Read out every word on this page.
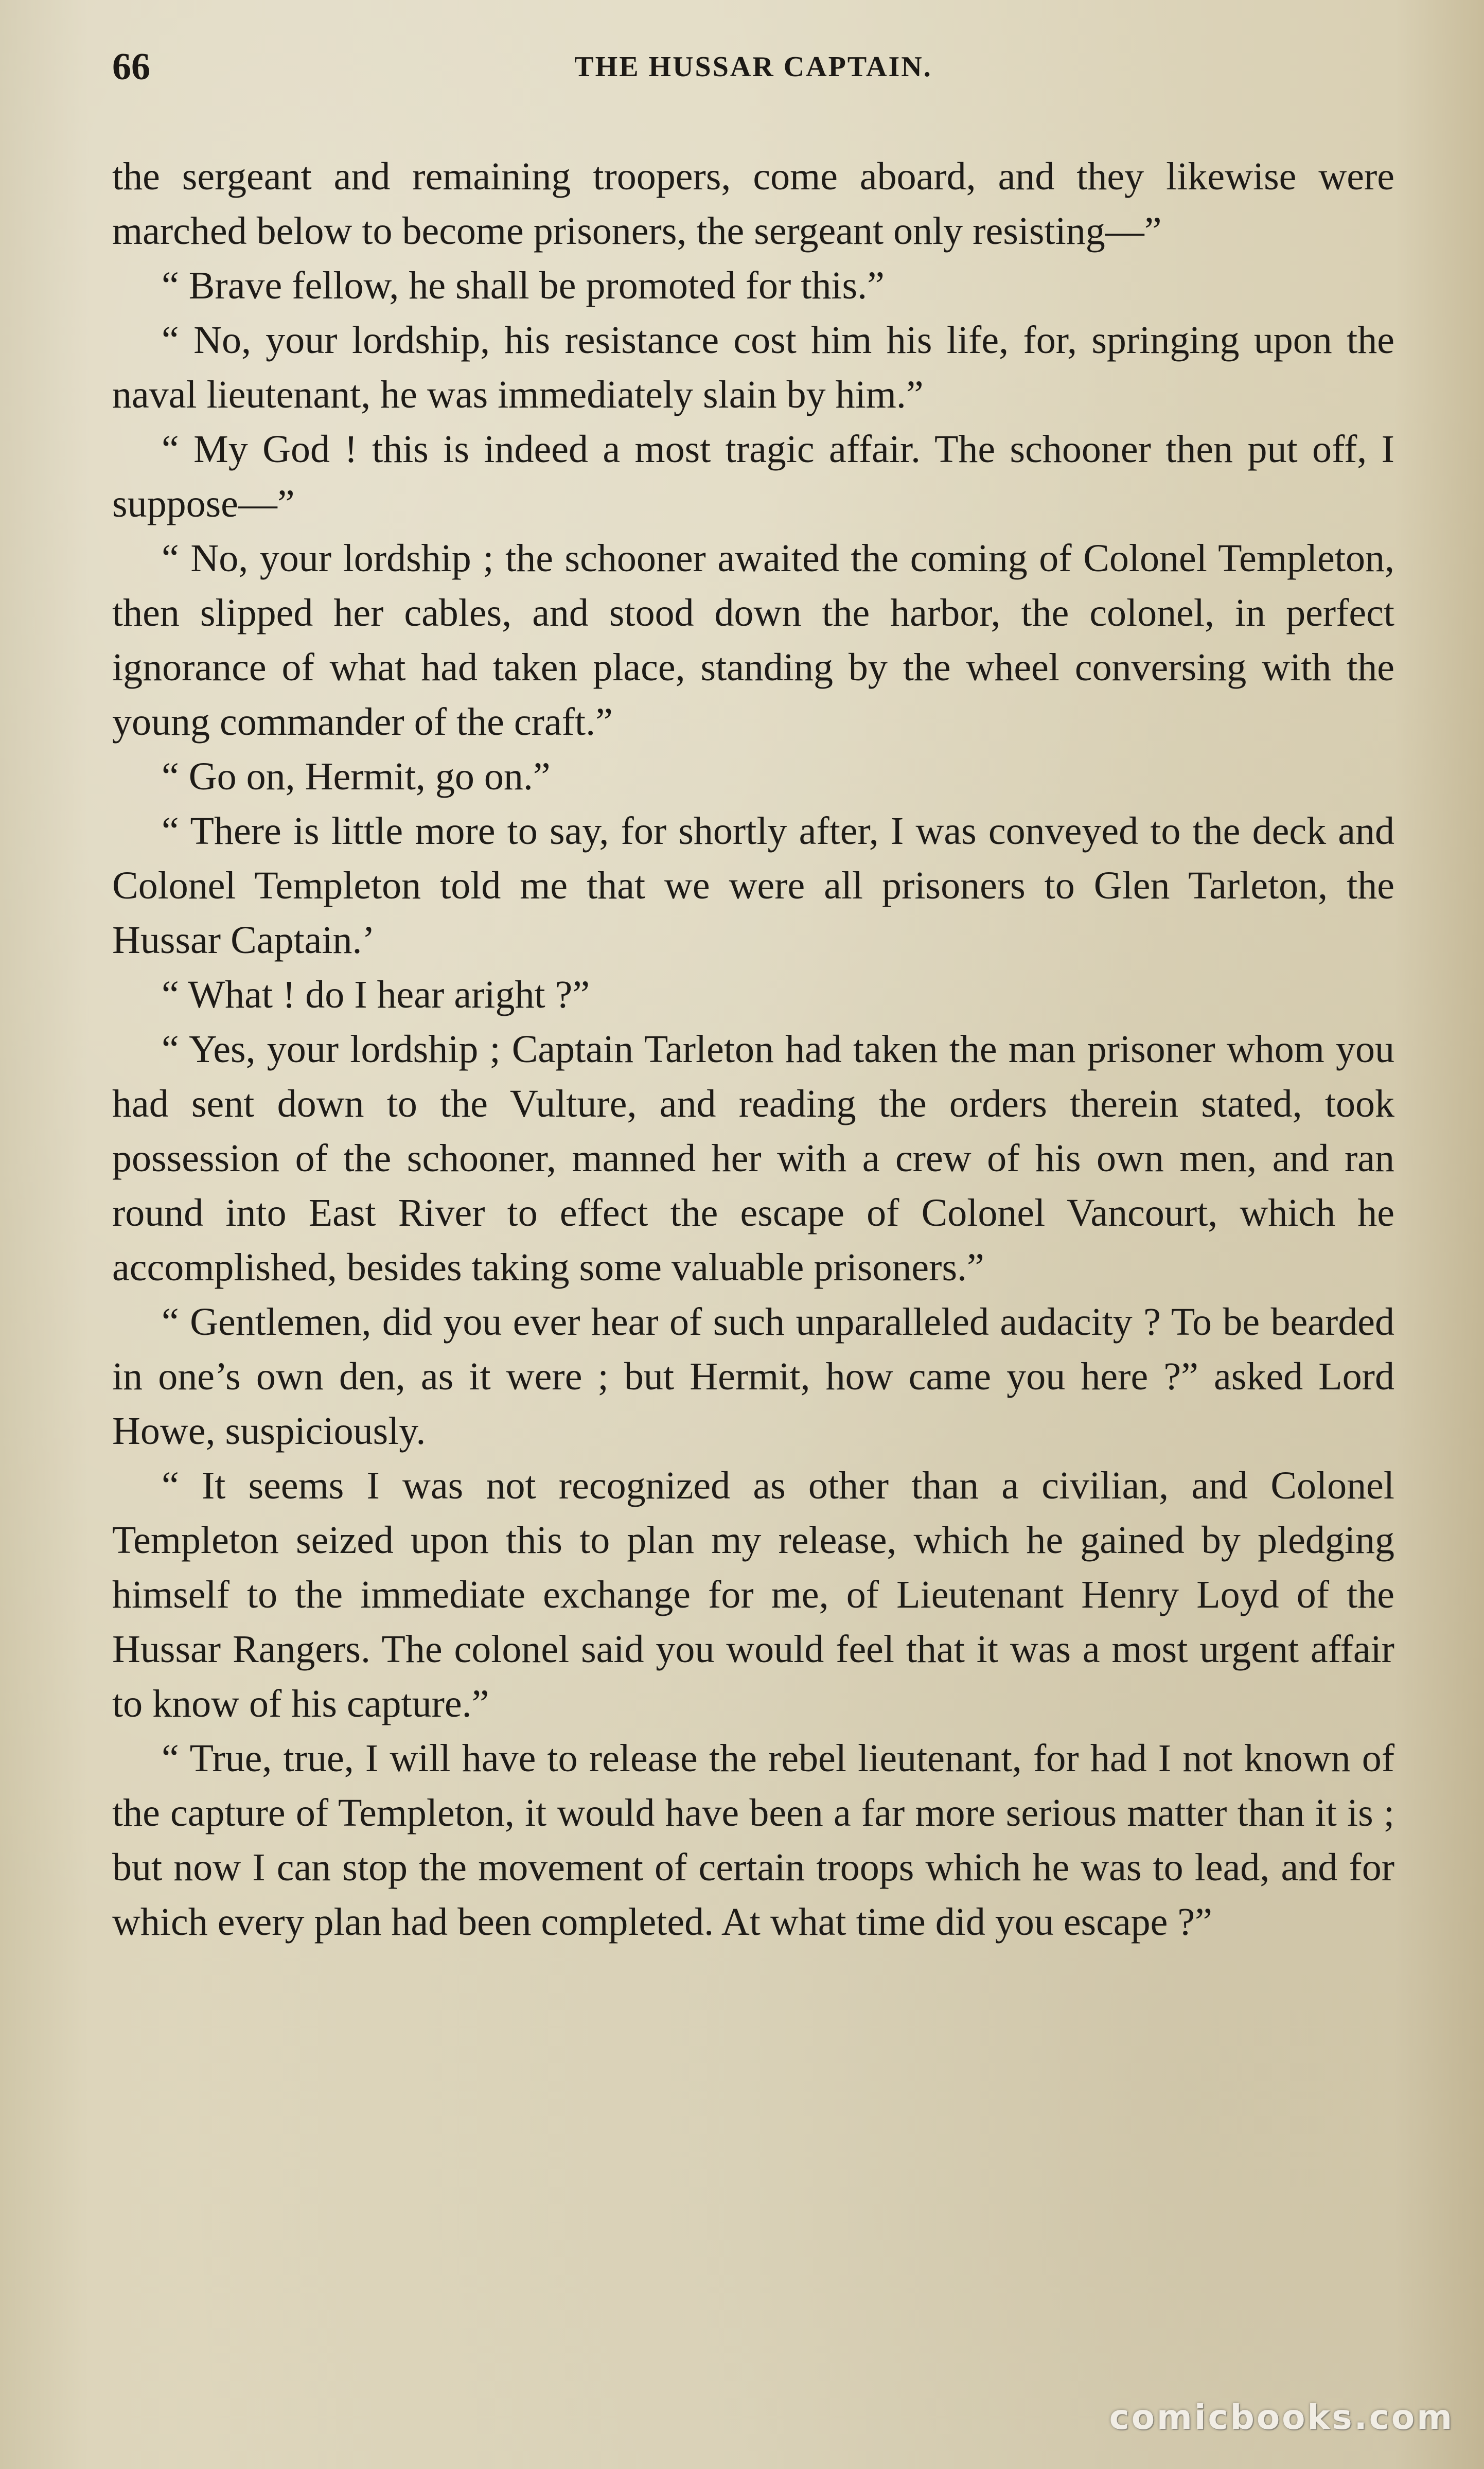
66	THE HUSSAR CAPTAIN.

the sergeant and remaining troopers, come aboard, and they likewise were marched below to become prisoners, the sergeant only resisting—”

“ Brave fellow, he shall be promoted for this.”

“ No, your lordship, his resistance cost him his life, for, springing upon the naval lieutenant, he was immediately slain by him.”

“ My God ! this is indeed a most tragic affair. The schooner then put off, I suppose—”

“ No, your lordship ; the schooner awaited the coming of Colonel Templeton, then slipped her cables, and stood down the harbor, the colonel, in perfect ignorance of what had taken place, standing by the wheel conversing with the young commander of the craft.”

“ Go on, Hermit, go on.”

“ There is little more to say, for shortly after, I was conveyed to the deck and Colonel Templeton told me that we were all prisoners to Glen Tarleton, the Hussar Captain.’

“ What ! do I hear aright ?”

“ Yes, your lordship ; Captain Tarleton had taken the man prisoner whom you had sent down to the Vulture, and reading the orders therein stated, took possession of the schooner, manned her with a crew of his own men, and ran round into East River to effect the escape of Colonel Vancourt, which he accomplished, besides taking some valuable prisoners.”

“ Gentlemen, did you ever hear of such unparalleled audacity ? To be bearded in one’s own den, as it were ; but Hermit, how came you here ?” asked Lord Howe, suspiciously.

“ It seems I was not recognized as other than a civilian, and Colonel Templeton seized upon this to plan my release, which he gained by pledging himself to the immediate exchange for me, of Lieutenant Henry Loyd of the Hussar Rangers. The colonel said you would feel that it was a most urgent affair to know of his capture.”

“ True, true, I will have to release the rebel lieutenant, for had I not known of the capture of Templeton, it would have been a far more serious matter than it is ; but now I can stop the movement of certain troops which he was to lead, and for which every plan had been completed. At what time did you escape ?”

comicbooks.com
